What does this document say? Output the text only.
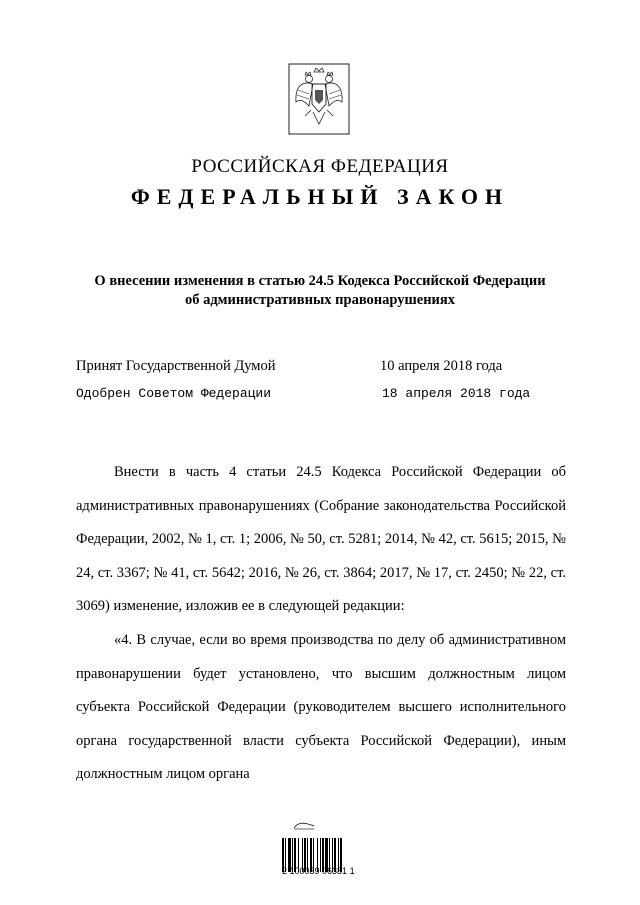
РОССИЙСКАЯ ФЕДЕРАЦИЯ
ФЕДЕРАЛЬНЫЙ ЗАКОН
О внесении изменения в статью 24.5 Кодекса Российской Федерации
об административных правонарушениях
Принят Государственной Думой	10 апреля 2018 года
Одобрен Советом Федерации	18 апреля 2018 года

Внести в часть 4 статьи 24.5 Кодекса Российской Федерации об административных правонарушениях (Собрание законодательства Российской Федерации, 2002, № 1, ст. 1; 2006, № 50, ст. 5281; 2014, № 42, ст. 5615; 2015, № 24, ст. 3367; № 41, ст. 5642; 2016, № 26, ст. 3864; 2017, № 17, ст. 2450; № 22, ст. 3069) изменение, изложив ее в следующей редакции:

«4. В случае, если во время производства по делу об административном правонарушении будет установлено, что высшим должностным лицом субъекта Российской Федерации (руководителем высшего исполнительного органа государственной власти субъекта Российской Федерации), иным должностным лицом органа

2 100039 06381 1
